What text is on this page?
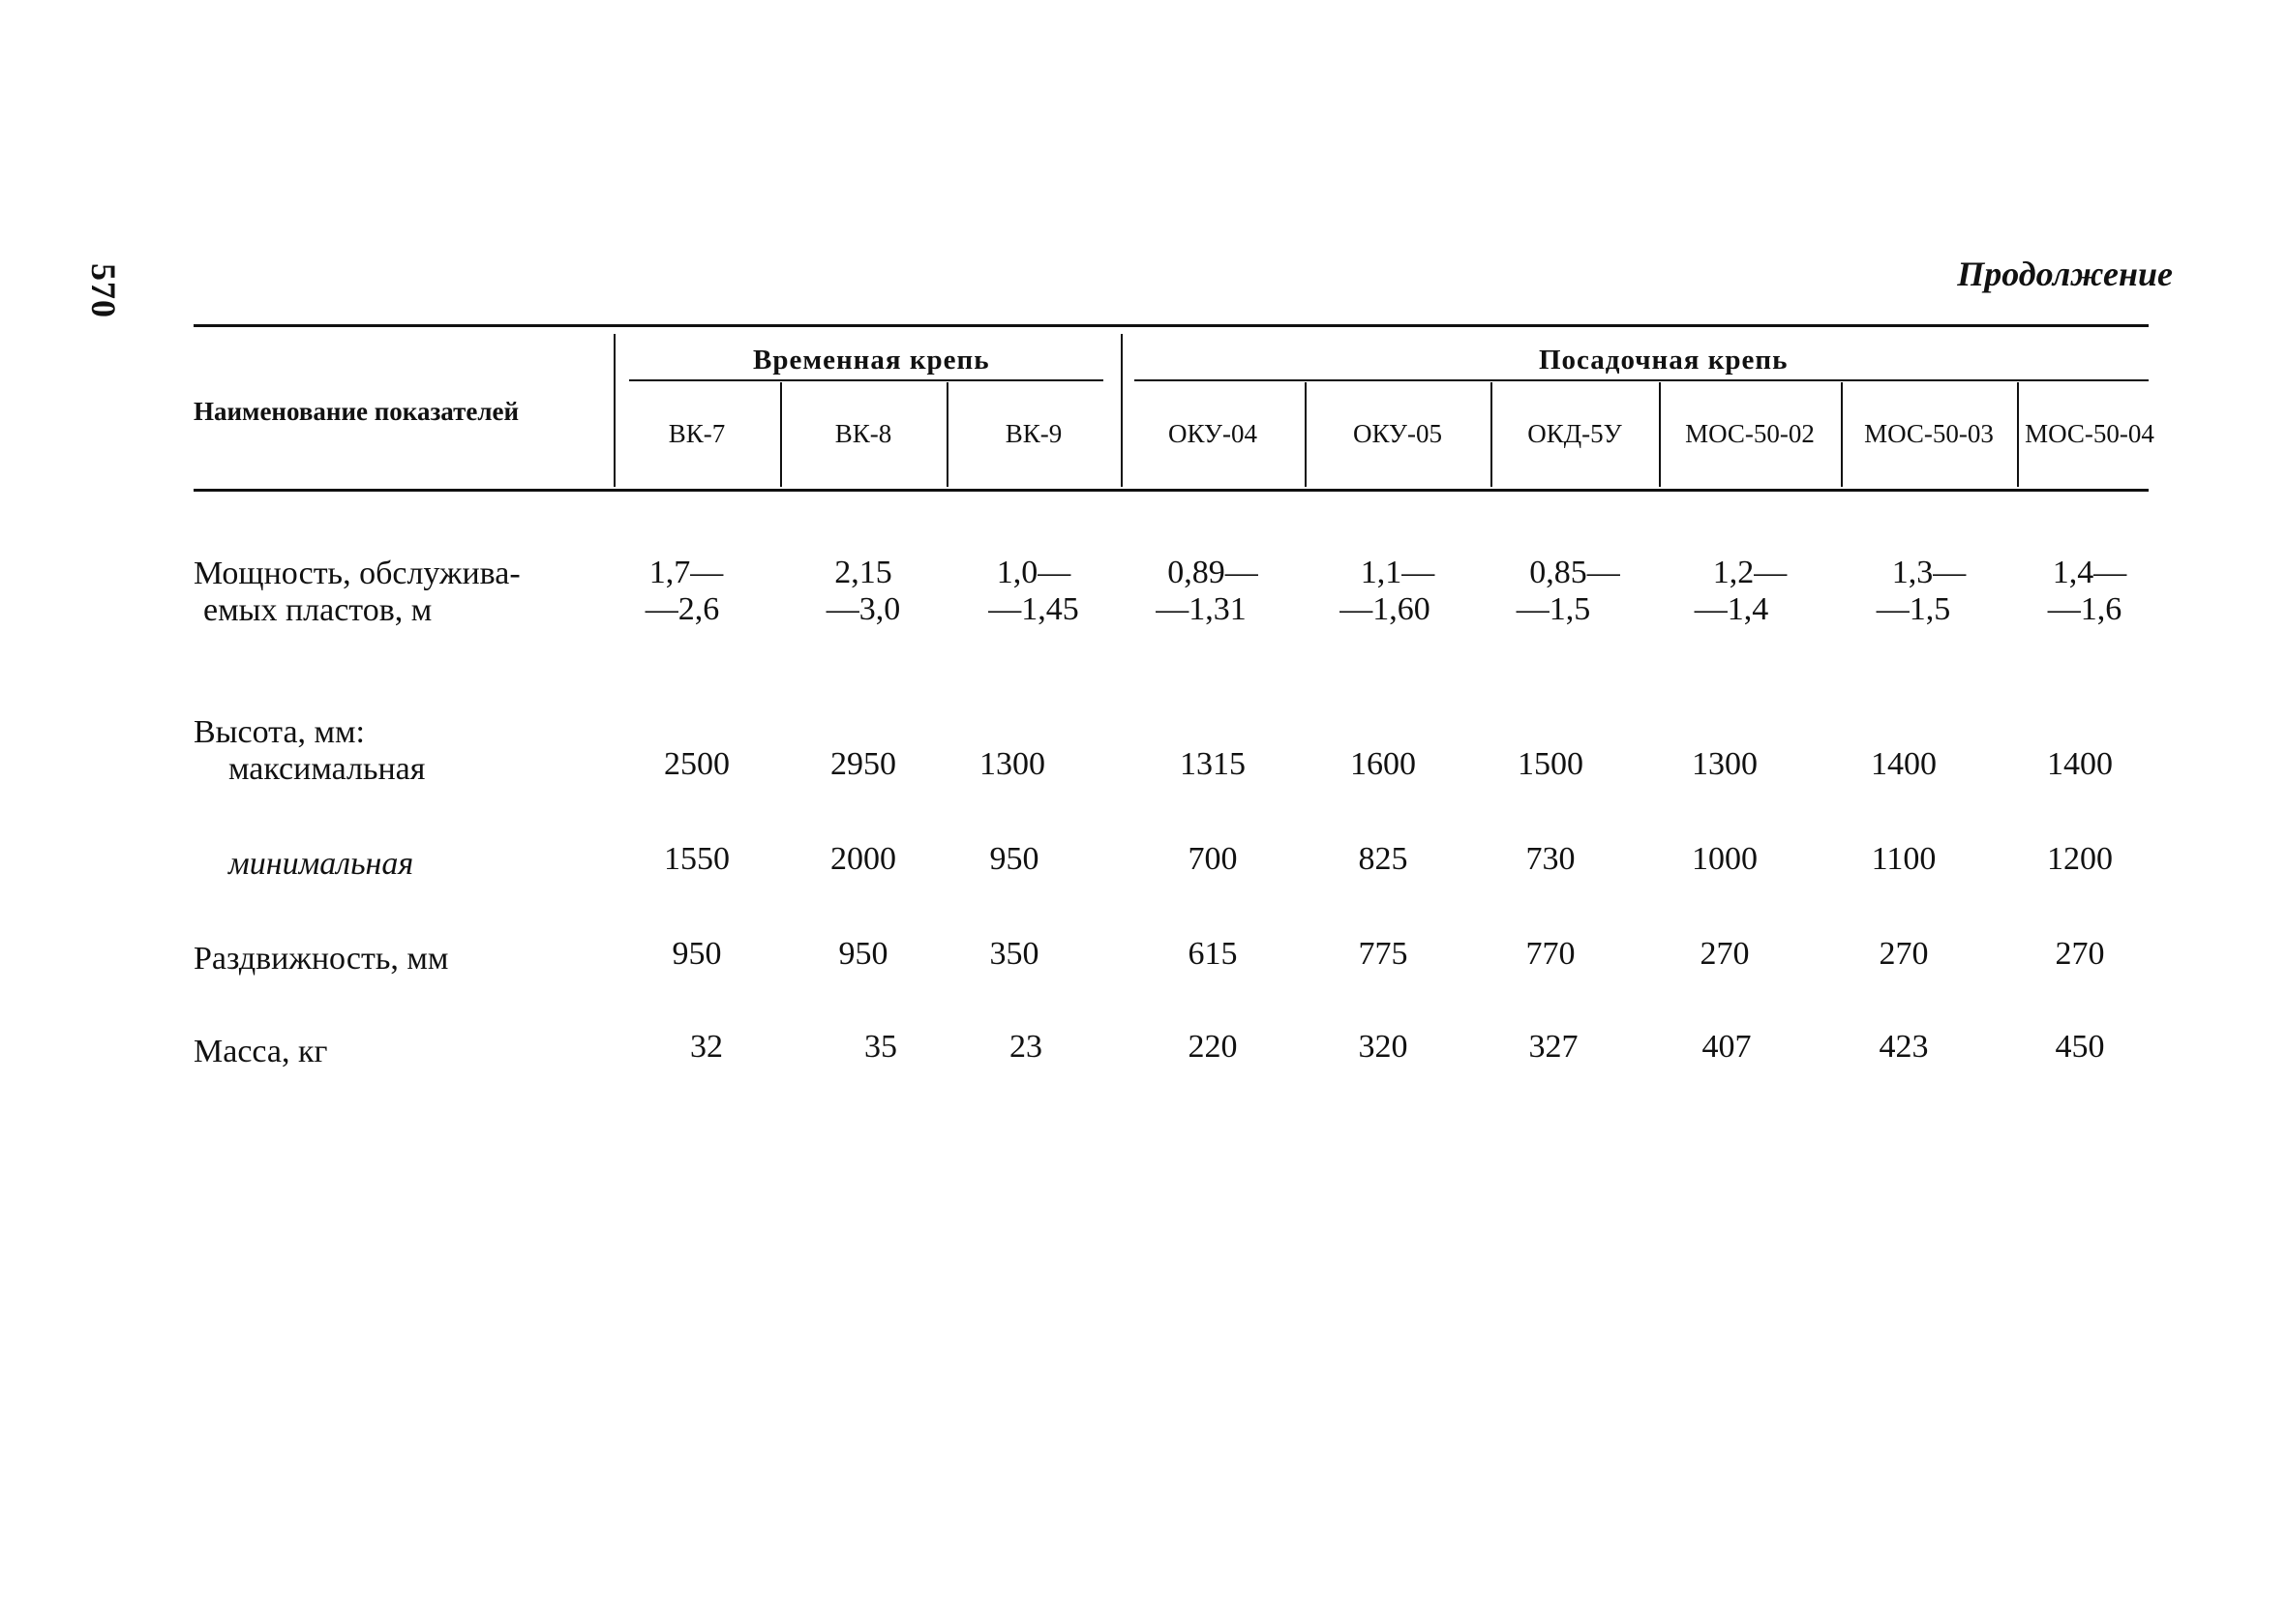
570	Продолжение
Наименование показателей
Временная крепь	Посадочная крепь
ВК-7	ВК-8	ВК-9	ОКУ-04	ОКУ-05	ОКД-5У	МОС-50-02	МОС-50-03	МОС-50-04
Мощность, обслужива-
емых пластов, м
1,7—	2,15	1,0—	0,89—	1,1—	0,85—	1,2—	1,3—	1,4—
—2,6	—3,0	—1,45	—1,31	—1,60	—1,5	—1,4	—1,5	—1,6
Высота, мм:
максимальная	2500	2950	1300	1315	1600	1500	1300	1400	1400
минимальная	1550	2000	950	700	825	730	1000	1100	1200
Раздвижность, мм	950	950	350	615	775	770	270	270	270
Масса, кг	32	35	23	220	320	327	407	423	450
